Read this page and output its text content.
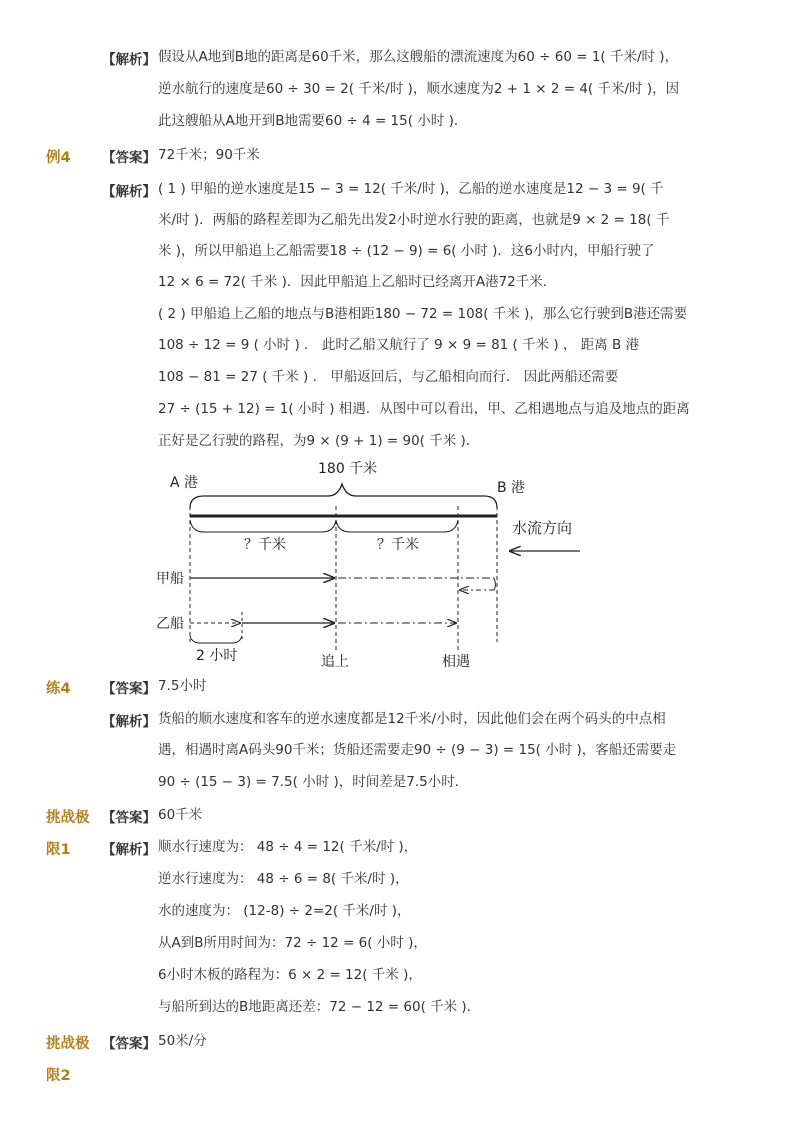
【解析】 假设从A地到B地的距离是60千米，那么这艘船的漂流速度为60 ÷ 60 = 1( 千米/时 )，
逆水航行的速度是60 ÷ 30 = 2( 千米/时 )，顺水速度为2 + 1 × 2 = 4( 千米/时 )，因
此这艘船从A地开到B地需要60 ÷ 4 = 15( 小时 )．
例4 【答案】 72千米；90千米
【解析】 ( 1 ) 甲船的逆水速度是15 − 3 = 12( 千米/时 )，乙船的逆水速度是12 − 3 = 9( 千
米/时 )．两船的路程差即为乙船先出发2小时逆水行驶的距离，也就是9 × 2 = 18( 千
米 )，所以甲船追上乙船需要18 ÷ (12 − 9) = 6( 小时 )．这6小时内，甲船行驶了
12 × 6 = 72( 千米 )．因此甲船追上乙船时已经离开A港72千米．
( 2 ) 甲船追上乙船的地点与B港相距180 − 72 = 108( 千米 )，那么它行驶到B港还需要
108 ÷ 12 = 9 ( 小时 ) ． 此时乙船又航行了 9 × 9 = 81 ( 千米 ) ， 距离 B 港
108 − 81 = 27 ( 千米 ) ． 甲船返回后，与乙船相向而行． 因此两船还需要
27 ÷ (15 + 12) = 1( 小时 ) 相遇．从图中可以看出，甲、乙相遇地点与追及地点的距离
正好是乙行驶的路程，为9 × (9 + 1) = 90( 千米 )．
180 千米
A 港	B 港
？千米	？千米
水流方向
甲船
乙船
2 小时	追上	相遇
练4 【答案】 7.5小时
【解析】 货船的顺水速度和客车的逆水速度都是12千米/小时，因此他们会在两个码头的中点相
遇，相遇时离A码头90千米；货船还需要走90 ÷ (9 − 3) = 15( 小时 )，客船还需要走
90 ÷ (15 − 3) = 7.5( 小时 )，时间差是7.5小时．
挑战极 【答案】 60千米
限1 【解析】 顺水行速度为： 48 ÷ 4 = 12( 千米/时 )，
逆水行速度为： 48 ÷ 6 = 8( 千米/时 )，
水的速度为： (12-8) ÷ 2=2( 千米/时 )，
从A到B所用时间为：72 ÷ 12 = 6( 小时 )，
6小时木板的路程为：6 × 2 = 12( 千米 )，
与船所到达的B地距离还差：72 − 12 = 60( 千米 )．
挑战极 【答案】 50米/分
限2
